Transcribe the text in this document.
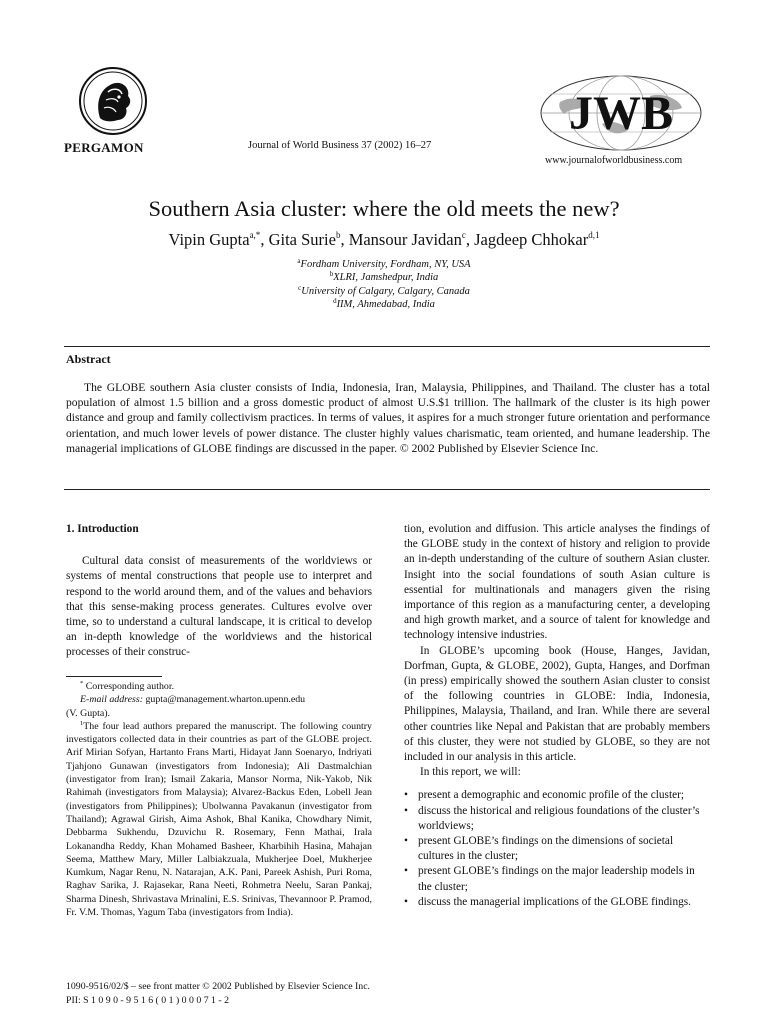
PERGAMON	Journal of World Business 37 (2002) 16–27
JWB
www.journalofworldbusiness.com
Southern Asia cluster: where the old meets the new?
Vipin Gupta$^{a,*}$, Gita Surie$^b$, Mansour Javidan$^c$, Jagdeep Chhokar$^{d,1}$
$^a$Fordham University, Fordham, NY, USA
$^b$XLRI, Jamshedpur, India
$^c$University of Calgary, Calgary, Canada
$^d$IIM, Ahmedabad, India
Abstract
The GLOBE southern Asia cluster consists of India, Indonesia, Iran, Malaysia, Philippines, and Thailand. The cluster has a total population of almost 1.5 billion and a gross domestic product of almost U.S.$1 trillion. The hallmark of the cluster is its high power distance and group and family collectivism practices. In terms of values, it aspires for a much stronger future orientation and performance orientation, and much lower levels of power distance. The cluster highly values charismatic, team oriented, and humane leadership. The managerial implications of GLOBE findings are discussed in the paper. © 2002 Published by Elsevier Science Inc.

1. Introduction

Cultural data consist of measurements of the worldviews or systems of mental constructions that people use to interpret and respond to the world around them, and of the values and behaviors that this sense-making process generates. Cultures evolve over time, so to understand a cultural landscape, it is critical to develop an in-depth knowledge of the worldviews and the historical processes of their construc-

* Corresponding author.

E-mail address: gupta@management.wharton.upenn.edu

(V. Gupta).

$^1$The four lead authors prepared the manuscript. The following country investigators collected data in their countries as part of the GLOBE project. Arif Mirian Sofyan, Hartanto Frans Marti, Hidayat Jann Soenaryo, Indriyati Tjahjono Gunawan (investigators from Indonesia); Ali Dastmalchian (investigator from Iran); Ismail Zakaria, Mansor Norma, Nik-Yakob, Nik Rahimah (investigators from Malaysia); Alvarez-Backus Eden, Lobell Jean (investigators from Philippines); Ubolwanna Pavakanun (investigator from Thailand); Agrawal Girish, Aima Ashok, Bhal Kanika, Chowdhary Nimit, Debbarma Sukhendu, Dzuvichu R. Rosemary, Fenn Mathai, Irala Lokanandha Reddy, Khan Mohamed Basheer, Kharbihih Hasina, Mahajan Seema, Matthew Mary, Miller Lalbiakzuala, Mukherjee Doel, Mukherjee Kumkum, Nagar Renu, N. Natarajan, A.K. Pani, Pareek Ashish, Puri Roma, Raghav Sarika, J. Rajasekar, Rana Neeti, Rohmetra Neelu, Saran Pankaj, Sharma Dinesh, Shrivastava Mrinalini, E.S. Srinivas, Thevannoor P. Pramod, Fr. V.M. Thomas, Yagum Taba (investigators from India).

tion, evolution and diffusion. This article analyses the findings of the GLOBE study in the context of history and religion to provide an in-depth understanding of the culture of southern Asian cluster. Insight into the social foundations of south Asian culture is essential for multinationals and managers given the rising importance of this region as a manufacturing center, a developing and high growth market, and a source of talent for knowledge and technology intensive industries.

In GLOBE’s upcoming book (House, Hanges, Javidan, Dorfman, Gupta, & GLOBE, 2002), Gupta, Hanges, and Dorfman (in press) empirically showed the southern Asian cluster to consist of the following countries in GLOBE: India, Indonesia, Philippines, Malaysia, Thailand, and Iran. While there are several other countries like Nepal and Pakistan that are probably members of this cluster, they were not studied by GLOBE, so they are not included in our analysis in this article.

In this report, we will:

• present a demographic and economic profile of the cluster;
• discuss the historical and religious foundations of the cluster’s worldviews;
• present GLOBE’s findings on the dimensions of societal cultures in the cluster;
• present GLOBE’s findings on the major leadership models in the cluster;
• discuss the managerial implications of the GLOBE findings.

1090-9516/02/$ – see front matter © 2002 Published by Elsevier Science Inc.

PII: S 1 0 9 0 - 9 5 1 6 ( 0 1 ) 0 0 0 7 1 - 2
